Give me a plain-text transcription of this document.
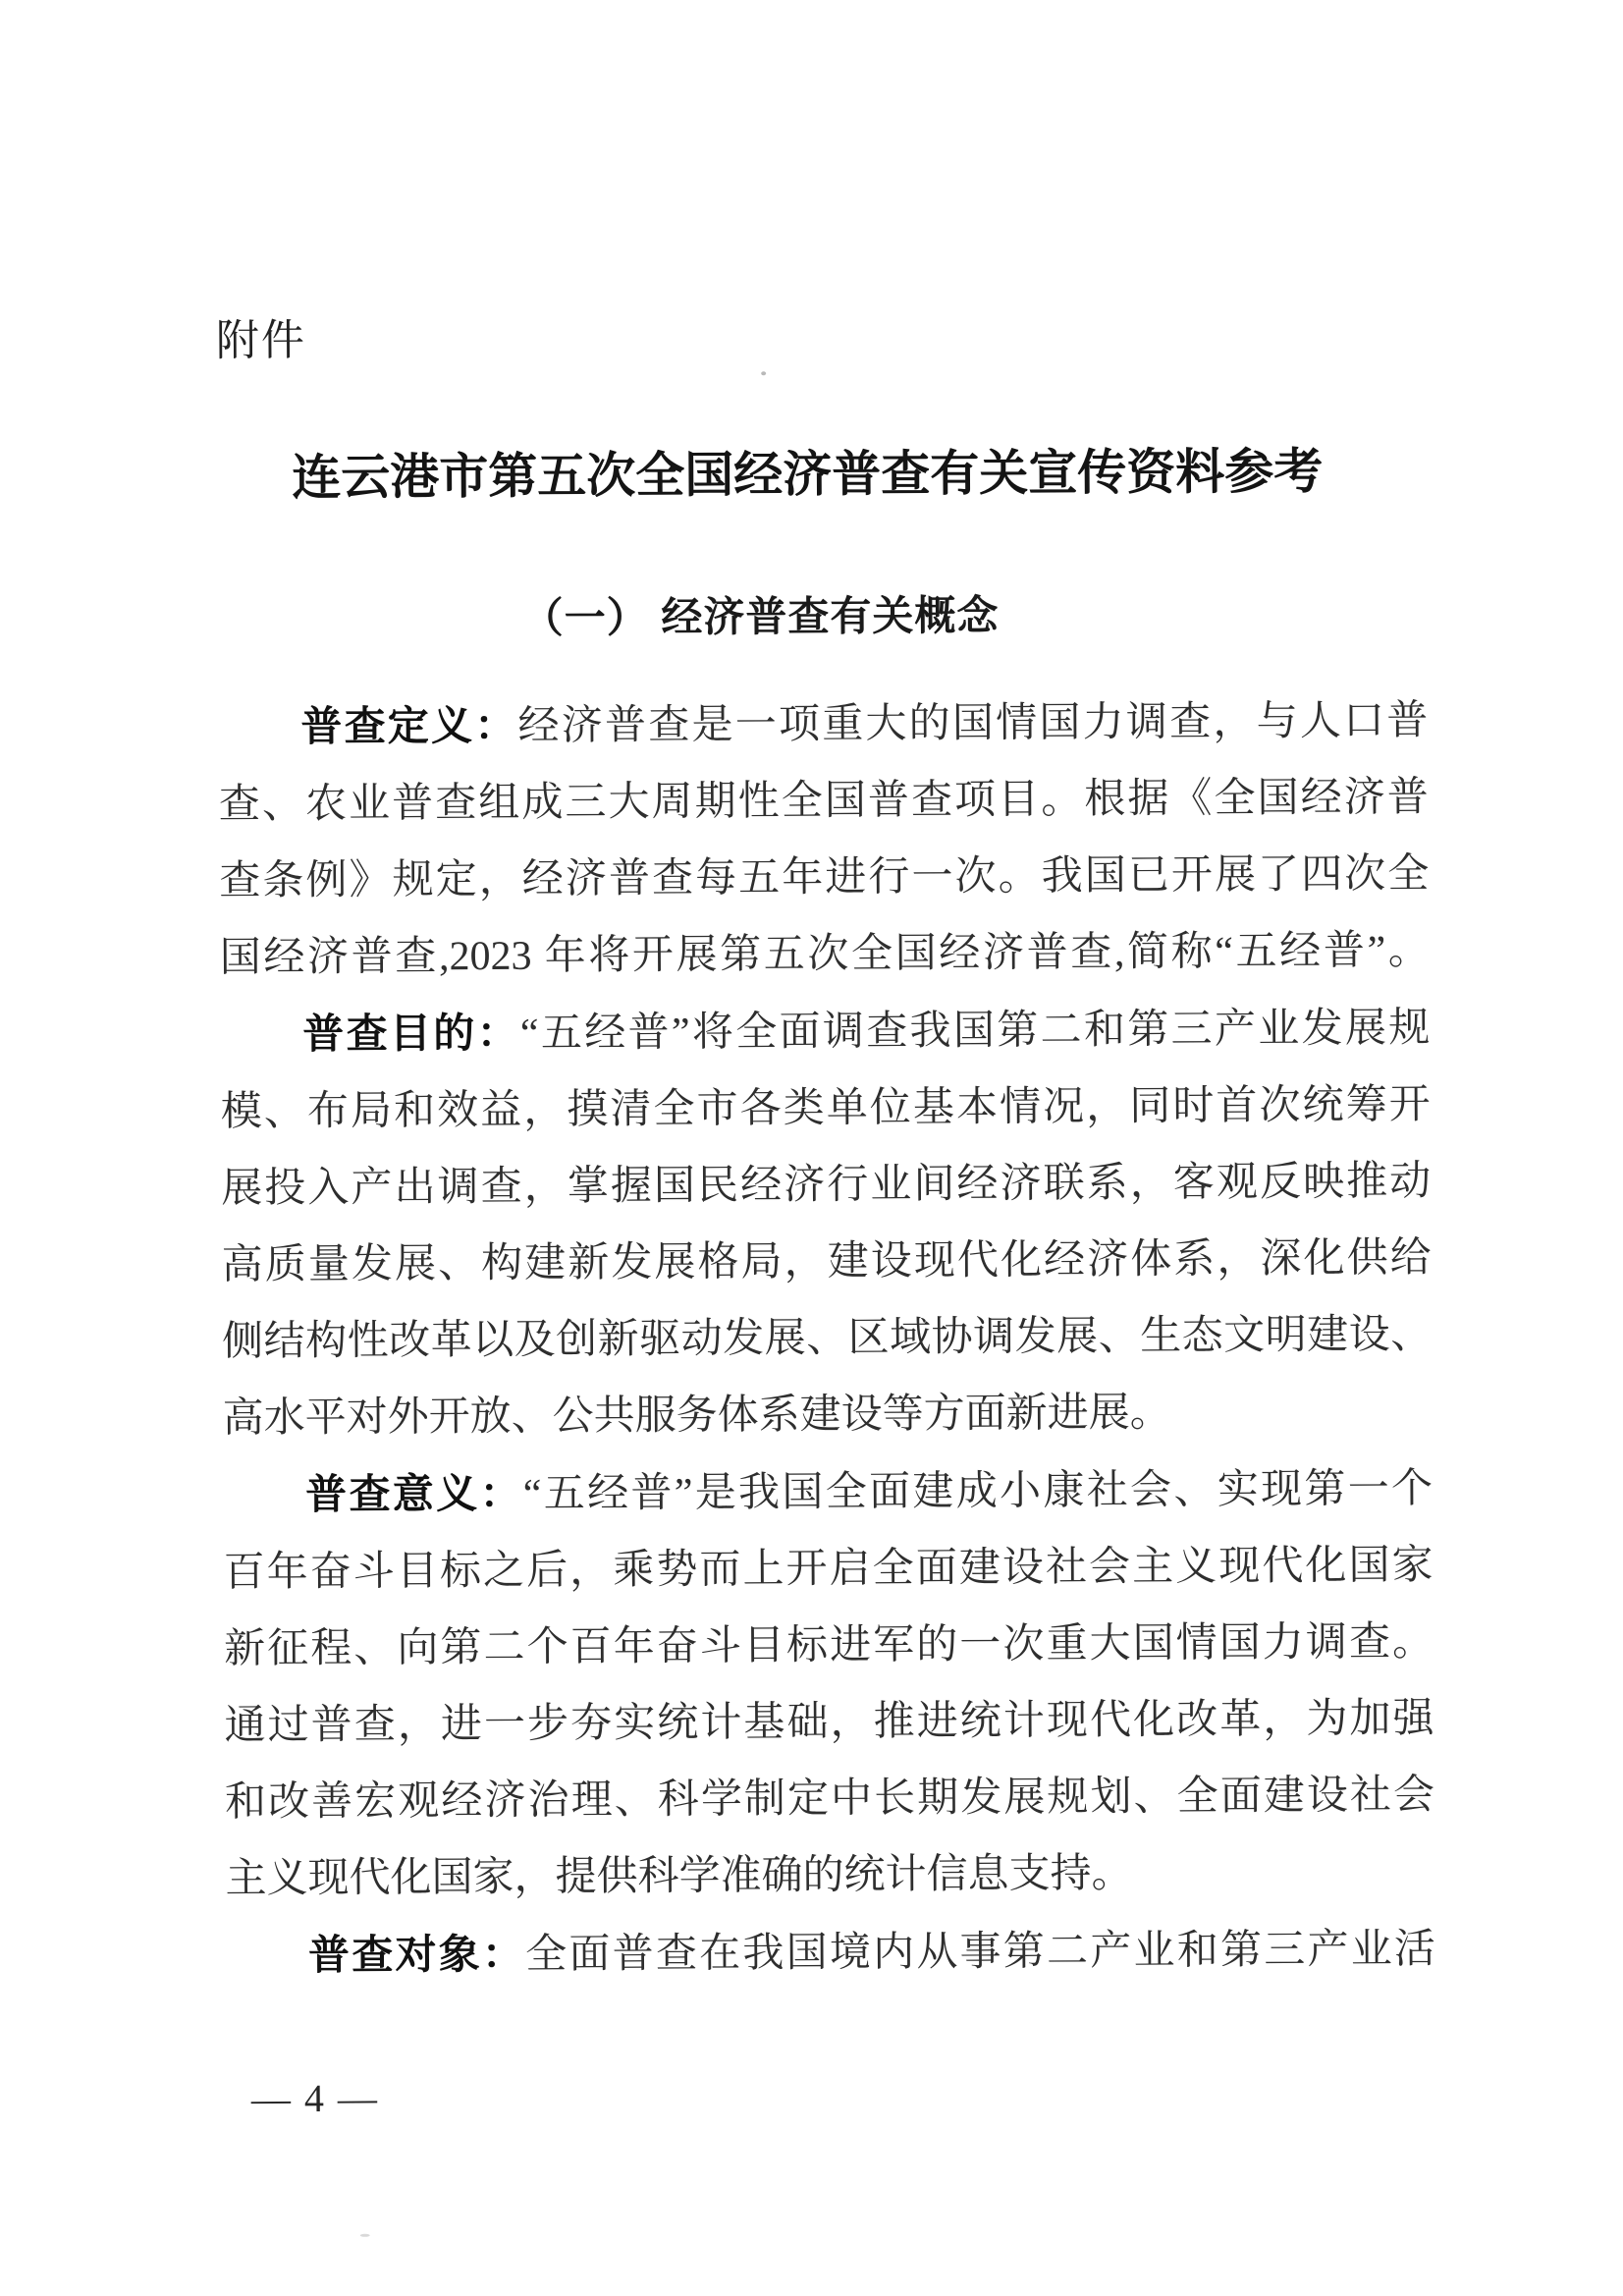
附件
连云港市第五次全国经济普查有关宣传资料参考
（一） 经济普查有关概念
普查定义：经济普查是一项重大的国情国力调查，与人口普
查、农业普查组成三大周期性全国普查项目。根据《全国经济普
查条例》规定，经济普查每五年进行一次。我国已开展了四次全
国经济普查,2023 年将开展第五次全国经济普查,简称“五经普”。
普查目的：“五经普”将全面调查我国第二和第三产业发展规
模、布局和效益，摸清全市各类单位基本情况，同时首次统筹开
展投入产出调查，掌握国民经济行业间经济联系，客观反映推动
高质量发展、构建新发展格局，建设现代化经济体系，深化供给
侧结构性改革以及创新驱动发展、区域协调发展、生态文明建设、
高水平对外开放、公共服务体系建设等方面新进展。
普查意义：“五经普”是我国全面建成小康社会、实现第一个
百年奋斗目标之后，乘势而上开启全面建设社会主义现代化国家
新征程、向第二个百年奋斗目标进军的一次重大国情国力调查。
通过普查，进一步夯实统计基础，推进统计现代化改革，为加强
和改善宏观经济治理、科学制定中长期发展规划、全面建设社会
主义现代化国家，提供科学准确的统计信息支持。
普查对象：全面普查在我国境内从事第二产业和第三产业活
— 4 —
